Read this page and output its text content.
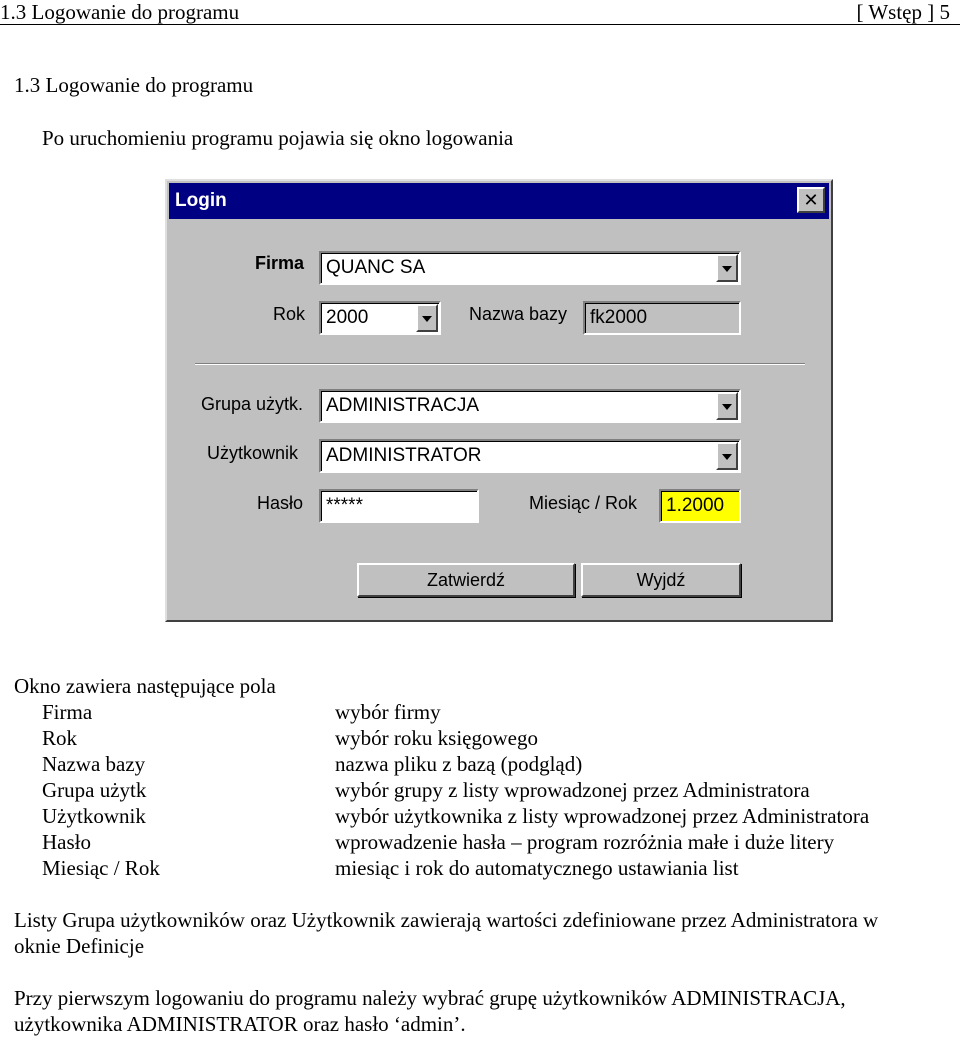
1.3 Logowanie do programu	[ Wstęp ] 5
1.3 Logowanie do programu
Po uruchomieniu programu pojawia się okno logowania
Login	✕
Firma	QUANC SA
Rok	2000	Nazwa bazy	fk2000
Grupa użytk.	ADMINISTRACJA
Użytkownik	ADMINISTRATOR
Hasło	*****	Miesiąc / Rok	1.2000
Zatwierdź	Wyjdź
Okno zawiera następujące pola
Firma	wybór firmy
Rok	wybór roku księgowego
Nazwa bazy	nazwa pliku z bazą (podgląd)
Grupa użytk	wybór grupy z listy wprowadzonej przez Administratora
Użytkownik	wybór użytkownika z listy wprowadzonej przez Administratora
Hasło	wprowadzenie hasła – program rozróżnia małe i duże litery
Miesiąc / Rok	miesiąc i rok do automatycznego ustawiania list
Listy Grupa użytkowników oraz Użytkownik zawierają wartości zdefiniowane przez Administratora w
oknie Definicje
Przy pierwszym logowaniu do programu należy wybrać grupę użytkowników ADMINISTRACJA,
użytkownika ADMINISTRATOR oraz hasło ‘admin’.
